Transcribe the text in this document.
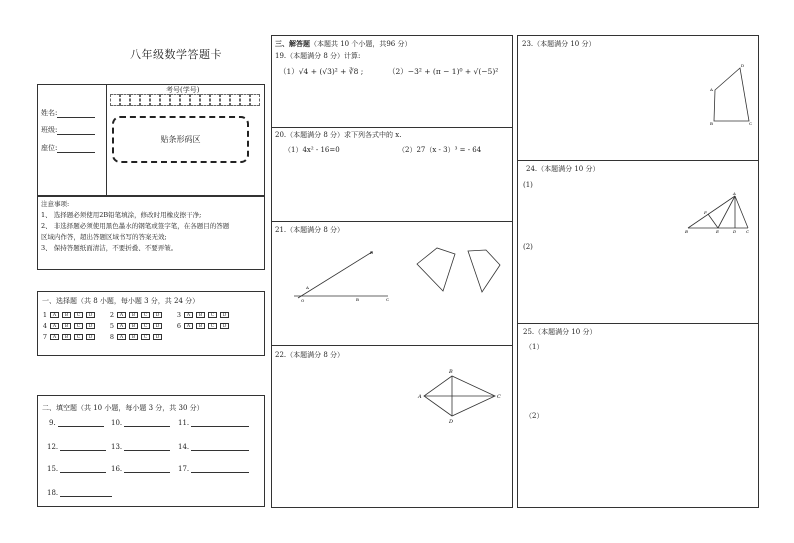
八年级数学答题卡
姓名:
班级:
座位:
考号(学号)
贴条形码区

注意事项:

1、 选择题必须使用2B铅笔填涂，修改时用橡皮擦干净;

2、 非选择题必须使用黑色墨水的钢笔或签字笔，在各题目的答题

区域内作答，超出答题区域书写的答案无效;

3、 保持答题纸面清洁，不要折叠、不要弄皱。

一、选择题（共 8 小题，每小题 3 分，共 24 分）
1	A	B	C	D	2	A	B	C	D	3	A	B	C	D
4	A	B	C	D	5	A	B	C	D	6	A	B	C	D
7	A	B	C	D	8	A	B	C	D
二、填空题（共 10 小题，每小题 3 分，共 30 分）
9.	10.	11.
12.	13.	14.
15.	16.	17.
18.
三、解答题（本题共 10 个小题，共96 分）
19.（本题满分 8 分）计算:
（1）√4 + (√3)² + ∛8 ;	（2）−3² + (π − 1)⁰ + √(−5)²
20.（本题满分 8 分）求下列各式中的 x.
（1）4x² - 16=0	（2）27（x - 3）³ = - 64
21.（本题满分 8 分）
B
A
O	B	C
22.（本题满分 8 分）
B
A	C
D
23.（本题满分 10 分）
D
A
B	C
24.（本题满分 10 分）
(1)
(2)
A
F
B	E	D C
25.（本题满分 10 分）
（1）
（2）
